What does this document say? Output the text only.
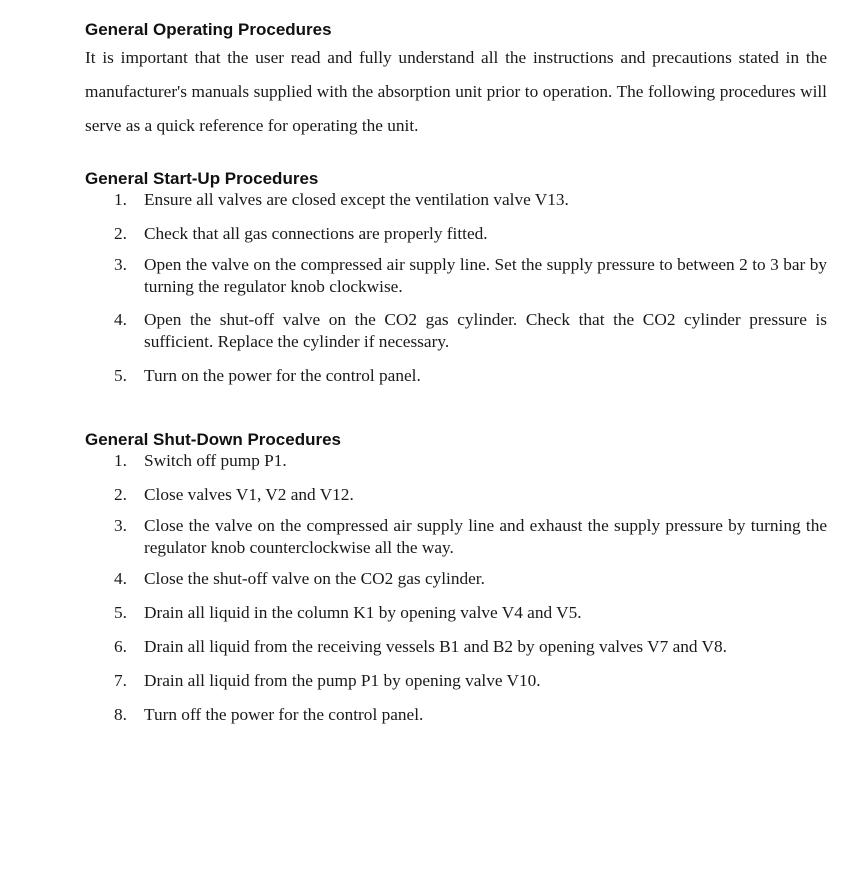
General Operating Procedures

It is important that the user read and fully understand all the instructions and precautions stated in the manufacturer's manuals supplied with the absorption unit prior to operation. The following procedures will serve as a quick reference for operating the unit.

General Start-Up Procedures
1. Ensure all valves are closed except the ventilation valve V13.
2. Check that all gas connections are properly fitted.
3. Open the valve on the compressed air supply line. Set the supply pressure to between 2 to 3 bar by turning the regulator knob clockwise.
4. Open the shut-off valve on the CO2 gas cylinder. Check that the CO2 cylinder pressure is sufficient. Replace the cylinder if necessary.
5. Turn on the power for the control panel.
General Shut-Down Procedures
1. Switch off pump P1.
2. Close valves V1, V2 and V12.
3. Close the valve on the compressed air supply line and exhaust the supply pressure by turning the regulator knob counterclockwise all the way.
4. Close the shut-off valve on the CO2 gas cylinder.
5. Drain all liquid in the column K1 by opening valve V4 and V5.
6. Drain all liquid from the receiving vessels B1 and B2 by opening valves V7 and V8.
7. Drain all liquid from the pump P1 by opening valve V10.
8. Turn off the power for the control panel.
